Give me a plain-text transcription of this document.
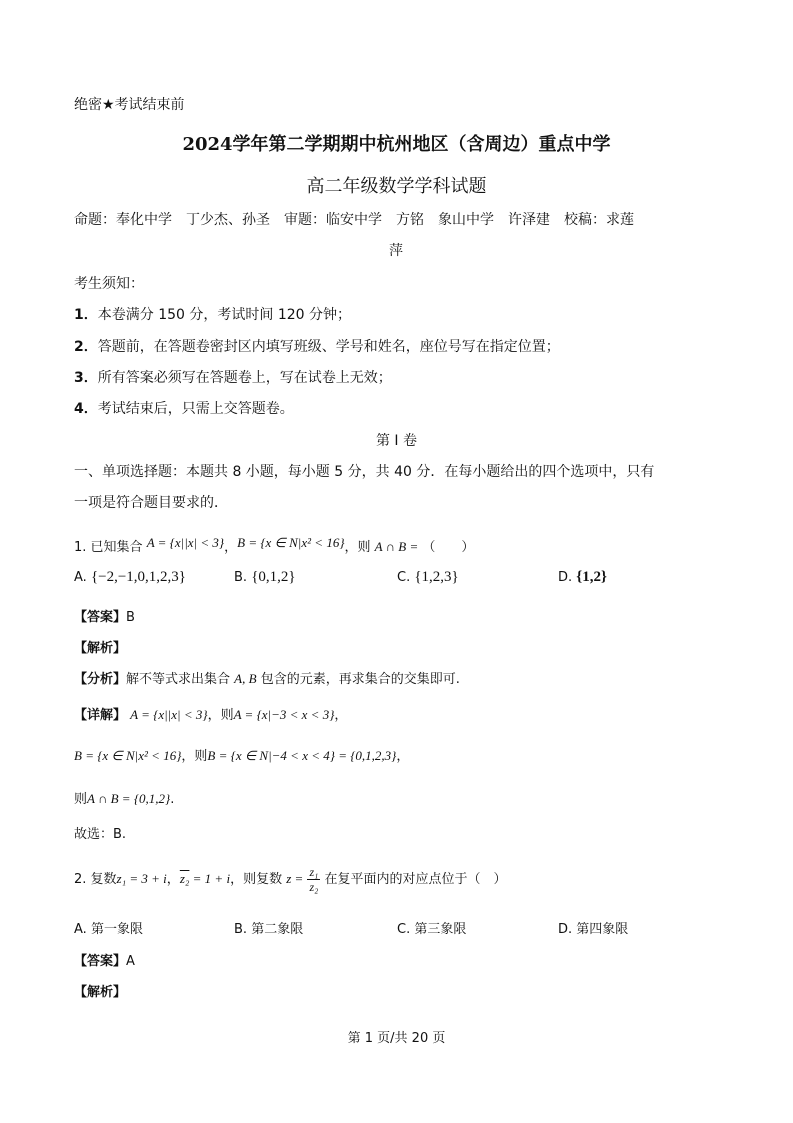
绝密★考试结束前
2024学年第二学期期中杭州地区（含周边）重点中学
高二年级数学学科试题
命题：奉化中学　丁少杰、孙圣　审题：临安中学　方铭　象山中学　许泽建　校稿：求莲
萍
考生须知：
1．本卷满分 150 分，考试时间 120 分钟；
2．答题前，在答题卷密封区内填写班级、学号和姓名，座位号写在指定位置；
3．所有答案必须写在答题卷上，写在试卷上无效；
4．考试结束后，只需上交答题卷。
第 I 卷
一、单项选择题：本题共 8 小题，每小题 5 分，共 40 分．在每小题给出的四个选项中，只有
一项是符合题目要求的．
1. 已知集合 A = {x||x| < 3}，B = {x ∈ N|x² < 16}，则 A ∩ B = （　　）
A. {−2,−1,0,1,2,3}	B. {0,1,2}	C. {1,2,3}	D. {1,2}
【答案】B
【解析】
【分析】解不等式求出集合 A, B 包含的元素，再求集合的交集即可.
【详解】 A = {x||x| < 3}，则A = {x|−3 < x < 3}，
B = {x ∈ N|x² < 16}，则B = {x ∈ N|−4 < x < 4} = {0,1,2,3}，
则A ∩ B = {0,1,2}.
故选：B.
2. 复数z₁ = 3 + i，z₂ = 1 + i，则复数 $z = \frac{\text{z₁}}{\text{z₂}}$ 在复平面内的对应点位于（　）
A. 第一象限	B. 第二象限	C. 第三象限	D. 第四象限
【答案】A
【解析】
第 1 页/共 20 页
